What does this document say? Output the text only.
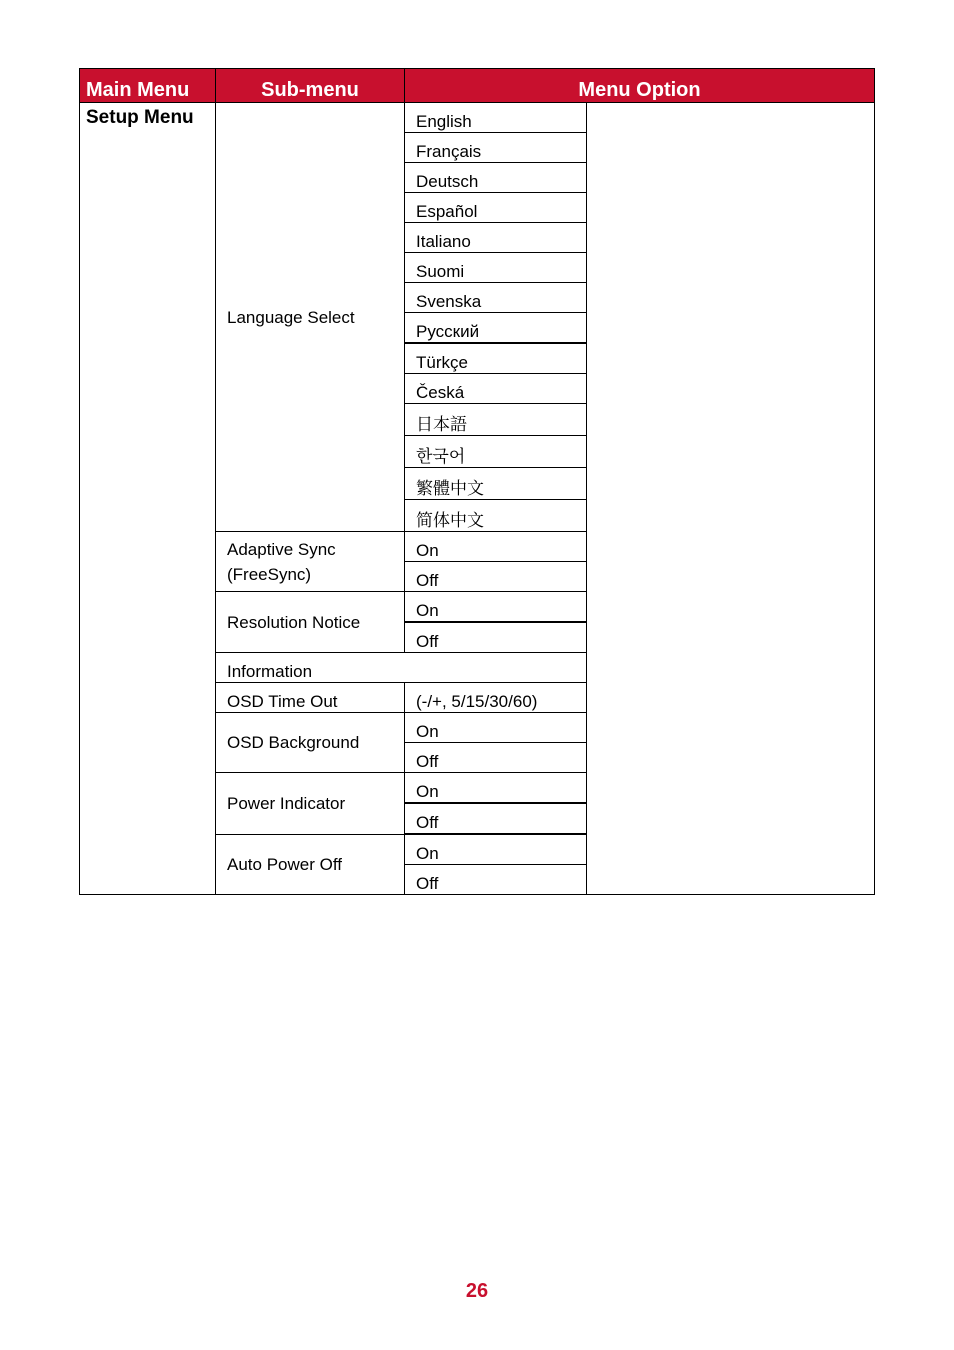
Main Menu	Sub-menu	Menu Option	
Setup Menu	Language Select	English	
		Français	
		Deutsch	
		Español	
		Italiano	
		Suomi	
		Svenska	
		Русский	
		Türkçe	
		Česká	
		日本語	
		한국어	
		繁體中文	
		简体中文	
	Adaptive Sync (FreeSync)	On	
		Off	
	Resolution Notice	On	
		Off	
	Information		
	OSD Time Out	(-/+, 5/15/30/60)	
	OSD Background	On	
		Off	
	Power Indicator	On	
		Off	
	Auto Power Off	On	
		Off	
26
